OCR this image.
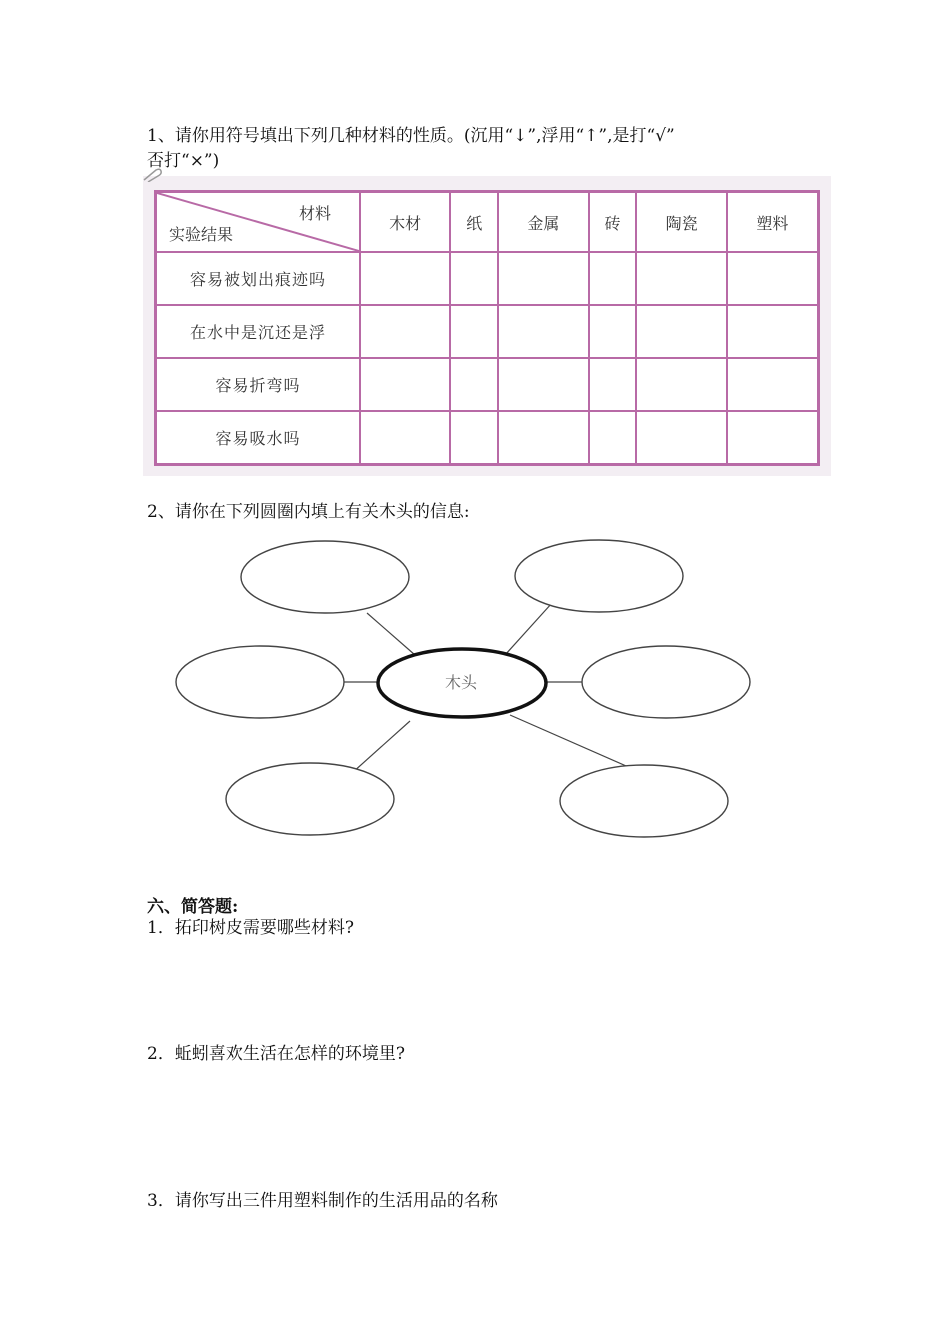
1、请你用符号填出下列几种材料的性质。(沉用“↓”,浮用“↑”,是打“√”
否打“×”)
材料
实验结果	木材	纸	金属	砖	陶瓷	塑料
容易被划出痕迹吗						
在水中是沉还是浮						
容易折弯吗						
容易吸水吗						
2、请你在下列圆圈内填上有关木头的信息:
木头
六、简答题:
1．拓印树皮需要哪些材料?
2．蚯蚓喜欢生活在怎样的环境里?
3．请你写出三件用塑料制作的生活用品的名称
